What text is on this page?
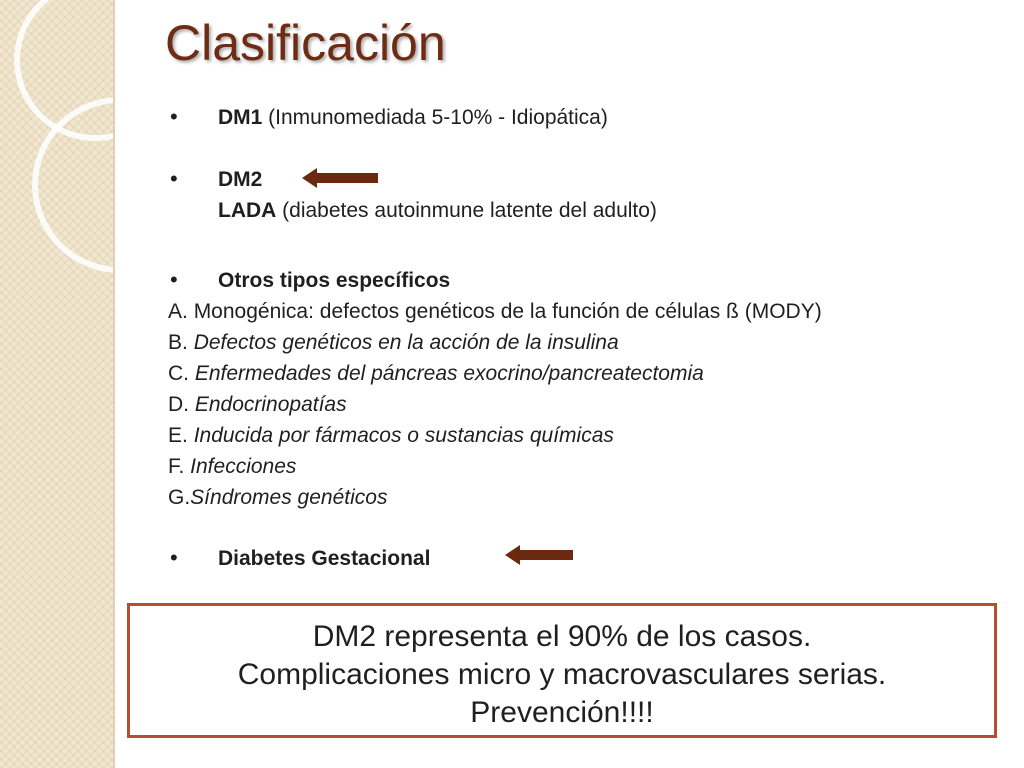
Clasificación
• DM1 (Inmunomediada 5-10% - Idiopática)
• DM2
LADA (diabetes autoinmune latente del adulto)
• Otros tipos específicos
A. Monogénica: defectos genéticos de la función de células ß (MODY)
B. Defectos genéticos en la acción de la insulina
C. Enfermedades del páncreas exocrino/pancreatectomia
D. Endocrinopatías
E. Inducida por fármacos o sustancias químicas
F. Infecciones
G.Síndromes genéticos
• Diabetes Gestacional
DM2 representa el 90% de los casos.
Complicaciones micro y macrovasculares serias.
Prevención!!!!
